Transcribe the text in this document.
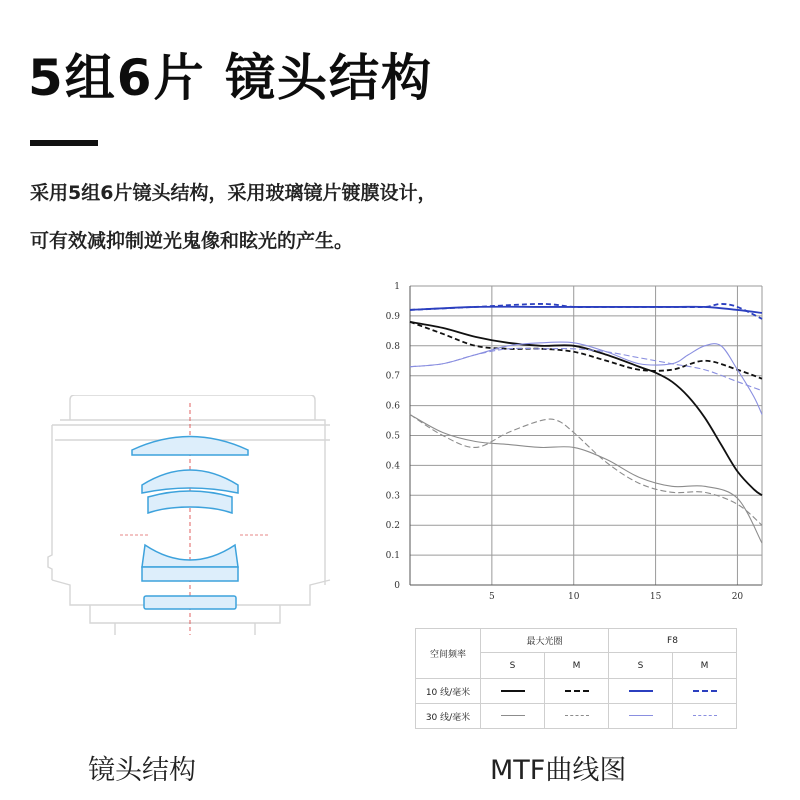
5组6片 镜头结构
采用5组6片镜头结构，采用玻璃镜片镀膜设计，
可有效减抑制逆光鬼像和眩光的产生。
0
0.1
0.2
0.3
0.4
0.5
0.6
0.7
0.8
0.9
1
5	10	15	20
空间频率	最大光圈		F8	
	S	M	S	M
10 线/毫米				
30 线/毫米				
镜头结构	MTF曲线图
